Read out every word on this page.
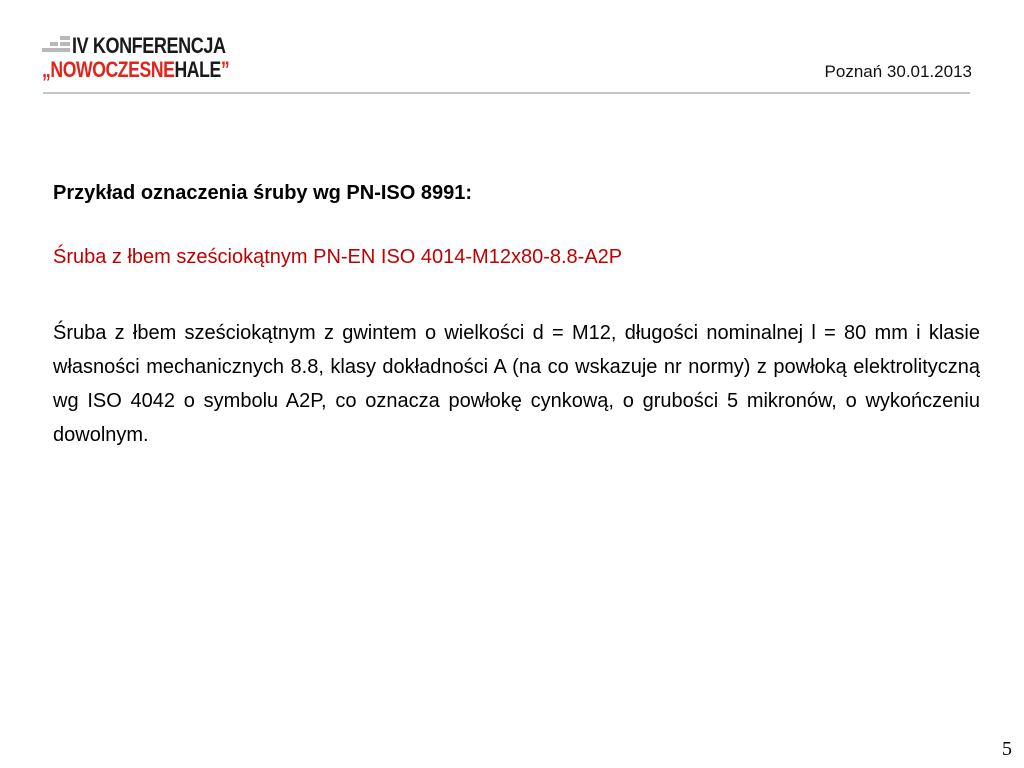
IV KONFERENCJA
„NOWOCZESNEHALE”	Poznań 30.01.2013

Przykład oznaczenia śruby wg PN-ISO 8991:

Śruba z łbem sześciokątnym PN-EN ISO 4014-M12x80-8.8-A2P

Śruba z łbem sześciokątnym z gwintem o wielkości d = M12, długości nominalnej l = 80 mm i klasie własności mechanicznych 8.8, klasy dokładności A (na co wskazuje nr normy) z powłoką elektrolityczną wg ISO 4042 o symbolu A2P, co oznacza powłokę cynkową, o grubości 5 mikronów, o wykończeniu dowolnym.

5
